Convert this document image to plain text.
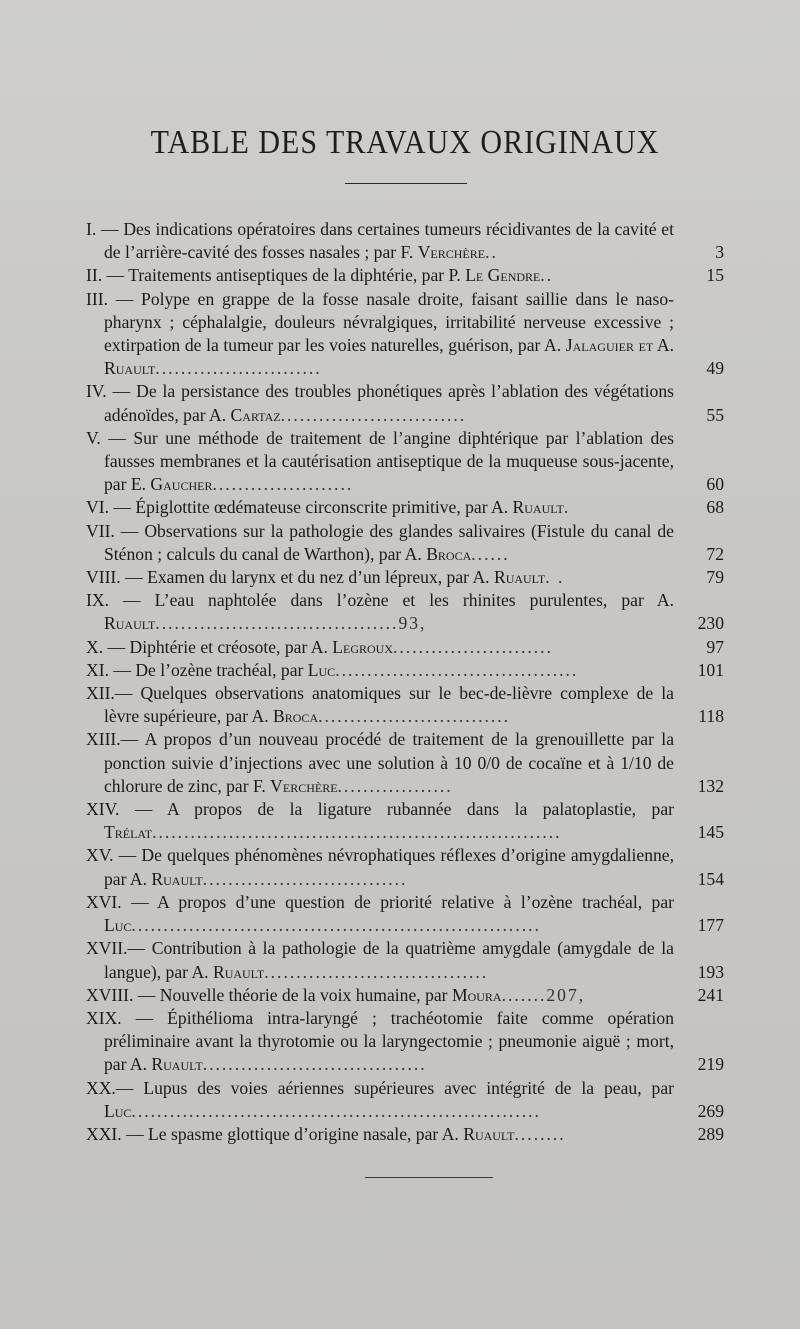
TABLE DES TRAVAUX ORIGINAUX
I. — Des indications opératoires dans certaines tumeurs récidivantes de la cavité et de l’arrière-cavité des fosses nasales ; par F. Verchère..	3
II. — Traitements antiseptiques de la diphtérie, par P. Le Gendre..	15
III. — Polype en grappe de la fosse nasale droite, faisant saillie dans le naso-pharynx ; céphalalgie, douleurs névralgiques, irritabilité nerveuse excessive ; extirpation de la tumeur par les voies naturelles, guérison, par A. Jalaguier et A. Ruault..........................	49
IV. — De la persistance des troubles phonétiques après l’ablation des végétations adénoïdes, par A. Cartaz.............................	55
V. — Sur une méthode de traitement de l’angine diphtérique par l’ablation des fausses membranes et la cautérisation antiseptique de la muqueuse sous-jacente, par E. Gaucher......................	60
VI. — Épiglottite œdémateuse circonscrite primitive, par A. Ruault.	68
VII. — Observations sur la pathologie des glandes salivaires (Fistule du canal de Sténon ; calculs du canal de Warthon), par A. Broca......	72
VIII. — Examen du larynx et du nez d’un lépreux, par A. Ruault. .	79
IX. — L’eau naphtolée dans l’ozène et les rhinites purulentes, par A. Ruault......................................93,	230
X. — Diphtérie et créosote, par A. Legroux.........................	97
XI. — De l’ozène trachéal, par Luc......................................	101
XII.— Quelques observations anatomiques sur le bec-de-lièvre complexe de la lèvre supérieure, par A. Broca..............................	118
XIII.— A propos d’un nouveau procédé de traitement de la grenouillette par la ponction suivie d’injections avec une solution à 10 0/0 de cocaïne et à 1/10 de chlorure de zinc, par F. Verchère..................	132
XIV. — A propos de la ligature rubannée dans la palatoplastie, par Trélat................................................................	145
XV. — De quelques phénomènes névrophatiques réflexes d’origine amygdalienne, par A. Ruault................................	154
XVI. — A propos d’une question de priorité relative à l’ozène trachéal, par Luc................................................................	177
XVII.— Contribution à la pathologie de la quatrième amygdale (amygdale de la langue), par A. Ruault...................................	193
XVIII. — Nouvelle théorie de la voix humaine, par Moura.......207,	241
XIX. — Épithélioma intra-laryngé ; trachéotomie faite comme opération préliminaire avant la thyrotomie ou la laryngectomie ; pneumonie aiguë ; mort, par A. Ruault...................................	219
XX.— Lupus des voies aériennes supérieures avec intégrité de la peau, par Luc................................................................	269
XXI. — Le spasme glottique d’origine nasale, par A. Ruault........	289
